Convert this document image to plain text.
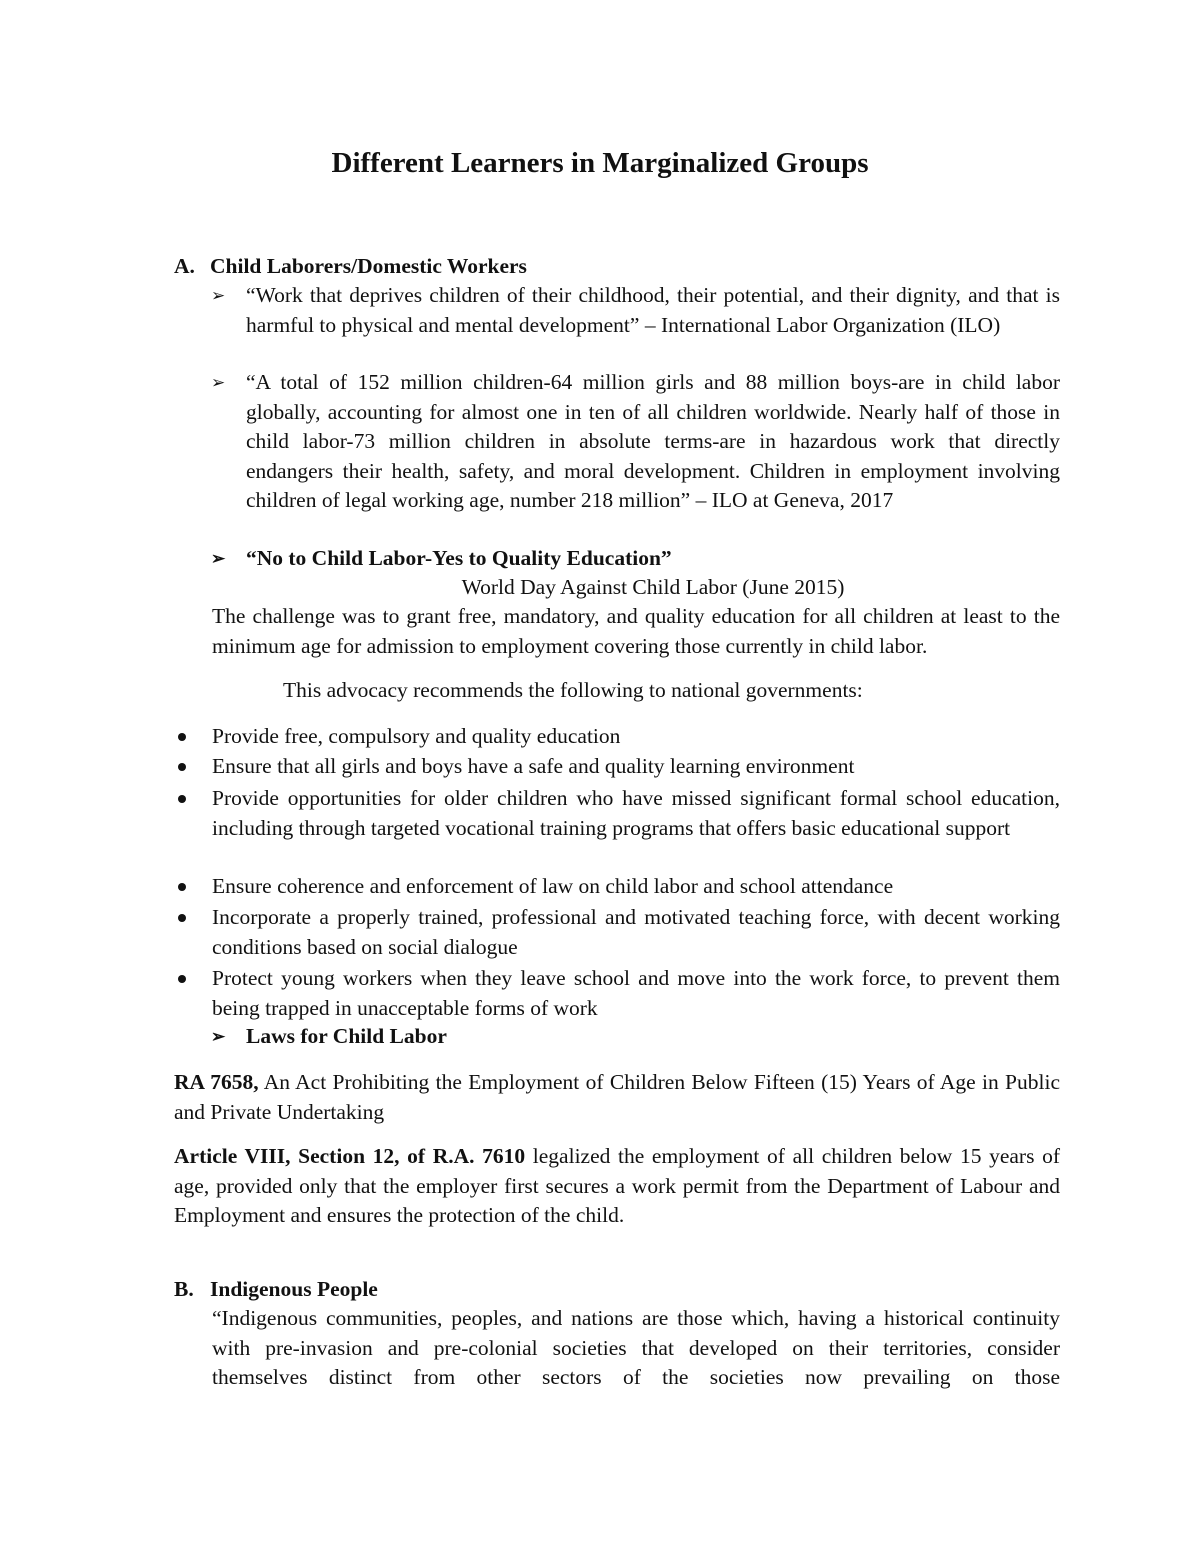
Different Learners in Marginalized Groups
A. Child Laborers/Domestic Workers
➢ “Work that deprives children of their childhood, their potential, and their dignity, and that is harmful to physical and mental development” – International Labor Organization (ILO)
➢ “A total of 152 million children-64 million girls and 88 million boys-are in child labor globally, accounting for almost one in ten of all children worldwide. Nearly half of those in child labor-73 million children in absolute terms-are in hazardous work that directly endangers their health, safety, and moral development. Children in employment involving children of legal working age, number 218 million” – ILO at Geneva, 2017
➢ “No to Child Labor-Yes to Quality Education”
World Day Against Child Labor (June 2015)
The challenge was to grant free, mandatory, and quality education for all children at least to the minimum age for admission to employment covering those currently in child labor.
This advocacy recommends the following to national governments:
Provide free, compulsory and quality education
Ensure that all girls and boys have a safe and quality learning environment
Provide opportunities for older children who have missed significant formal school education, including through targeted vocational training programs that offers basic educational support
Ensure coherence and enforcement of law on child labor and school attendance
Incorporate a properly trained, professional and motivated teaching force, with decent working conditions based on social dialogue
Protect young workers when they leave school and move into the work force, to prevent them being trapped in unacceptable forms of work
➢ Laws for Child Labor
RA 7658, An Act Prohibiting the Employment of Children Below Fifteen (15) Years of Age in Public and Private Undertaking
Article VIII, Section 12, of R.A. 7610 legalized the employment of all children below 15 years of age, provided only that the employer first secures a work permit from the Department of Labour and Employment and ensures the protection of the child.
B. Indigenous People
“Indigenous communities, peoples, and nations are those which, having a historical continuity with pre-invasion and pre-colonial societies that developed on their territories, consider themselves distinct from other sectors of the societies now prevailing on those
